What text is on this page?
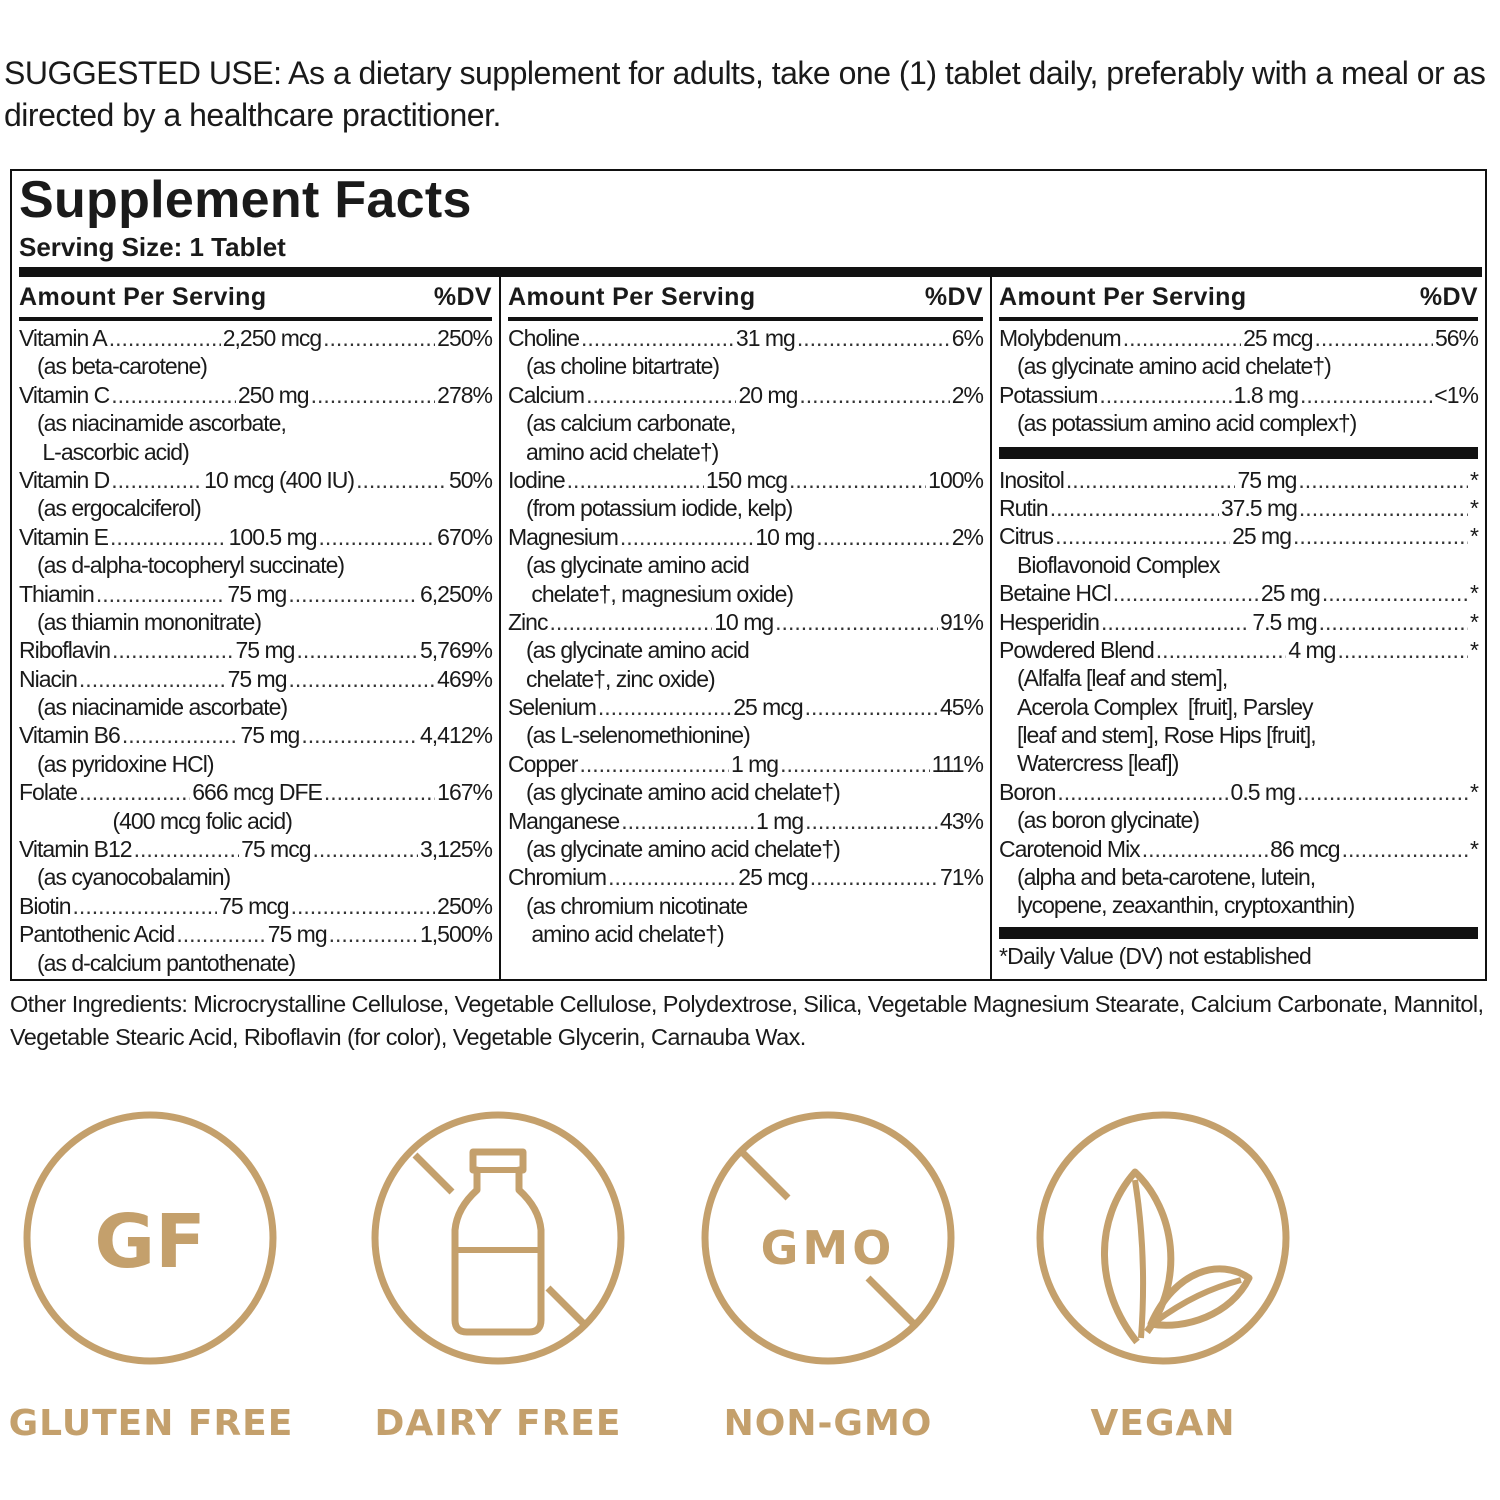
SUGGESTED USE: As a dietary supplement for adults, take one (1) tablet daily, preferably with a meal or as directed by a healthcare practitioner.
Supplement Facts
Serving Size: 1 Tablet
Amount Per Serving	%DV
Vitamin A .....	2,250 mcg .....	250%
(as beta-carotene)
Vitamin C .....	250 mg .....	278%
(as niacinamide ascorbate,
L-ascorbic acid)
Vitamin D .....	10 mcg (400 IU) .....	50%
(as ergocalciferol)
Vitamin E .....	100.5 mg .....	670%
(as d-alpha-tocopheryl succinate)
Thiamin .....	75 mg .....	6,250%
(as thiamin mononitrate)
Riboflavin .....	75 mg .....	5,769%
Niacin .....	75 mg .....	469%
(as niacinamide ascorbate)
Vitamin B6 .....	75 mg .....	4,412%
(as pyridoxine HCl)
Folate .....	666 mcg DFE .....	167%
(400 mcg folic acid)
Vitamin B12 .....	75 mcg .....	3,125%
(as cyanocobalamin)
Biotin .....	75 mcg .....	250%
Pantothenic Acid .....	75 mg .....	1,500%
(as d-calcium pantothenate)
Amount Per Serving	%DV
Choline .....	31 mg .....	6%
(as choline bitartrate)
Calcium .....	20 mg .....	2%
(as calcium carbonate,
amino acid chelate†)
Iodine .....	150 mcg .....	100%
(from potassium iodide, kelp)
Magnesium .....	10 mg .....	2%
(as glycinate amino acid
chelate†, magnesium oxide)
Zinc .....	10 mg .....	91%
(as glycinate amino acid
chelate†, zinc oxide)
Selenium .....	25 mcg .....	45%
(as L-selenomethionine)
Copper .....	1 mg .....	111%
(as glycinate amino acid chelate†)
Manganese .....	1 mg .....	43%
(as glycinate amino acid chelate†)
Chromium .....	25 mcg .....	71%
(as chromium nicotinate
amino acid chelate†)
Amount Per Serving	%DV
Molybdenum .....	25 mcg .....	56%
(as glycinate amino acid chelate†)
Potassium .....	1.8 mg .....	<1%
(as potassium amino acid complex†)
Inositol .....	75 mg .....	*
Rutin .....	37.5 mg .....	*
Citrus .....	25 mg .....	*
Bioflavonoid Complex
Betaine HCl .....	25 mg .....	*
Hesperidin .....	7.5 mg .....	*
Powdered Blend .....	4 mg .....	*
(Alfalfa [leaf and stem],
Acerola Complex  [fruit], Parsley
[leaf and stem], Rose Hips [fruit],
Watercress [leaf])
Boron .....	0.5 mg .....	*
(as boron glycinate)
Carotenoid Mix .....	86 mcg .....	*
(alpha and beta-carotene, lutein,
lycopene, zeaxanthin, cryptoxanthin)
*Daily Value (DV) not established
Other Ingredients: Microcrystalline Cellulose, Vegetable Cellulose, Polydextrose, Silica, Vegetable Magnesium Stearate, Calcium Carbonate, Mannitol, Vegetable Stearic Acid, Riboflavin (for color), Vegetable Glycerin, Carnauba Wax.
GF
GLUTEN FREE	DAIRY FREE
GMO
NON-GMO	VEGAN
